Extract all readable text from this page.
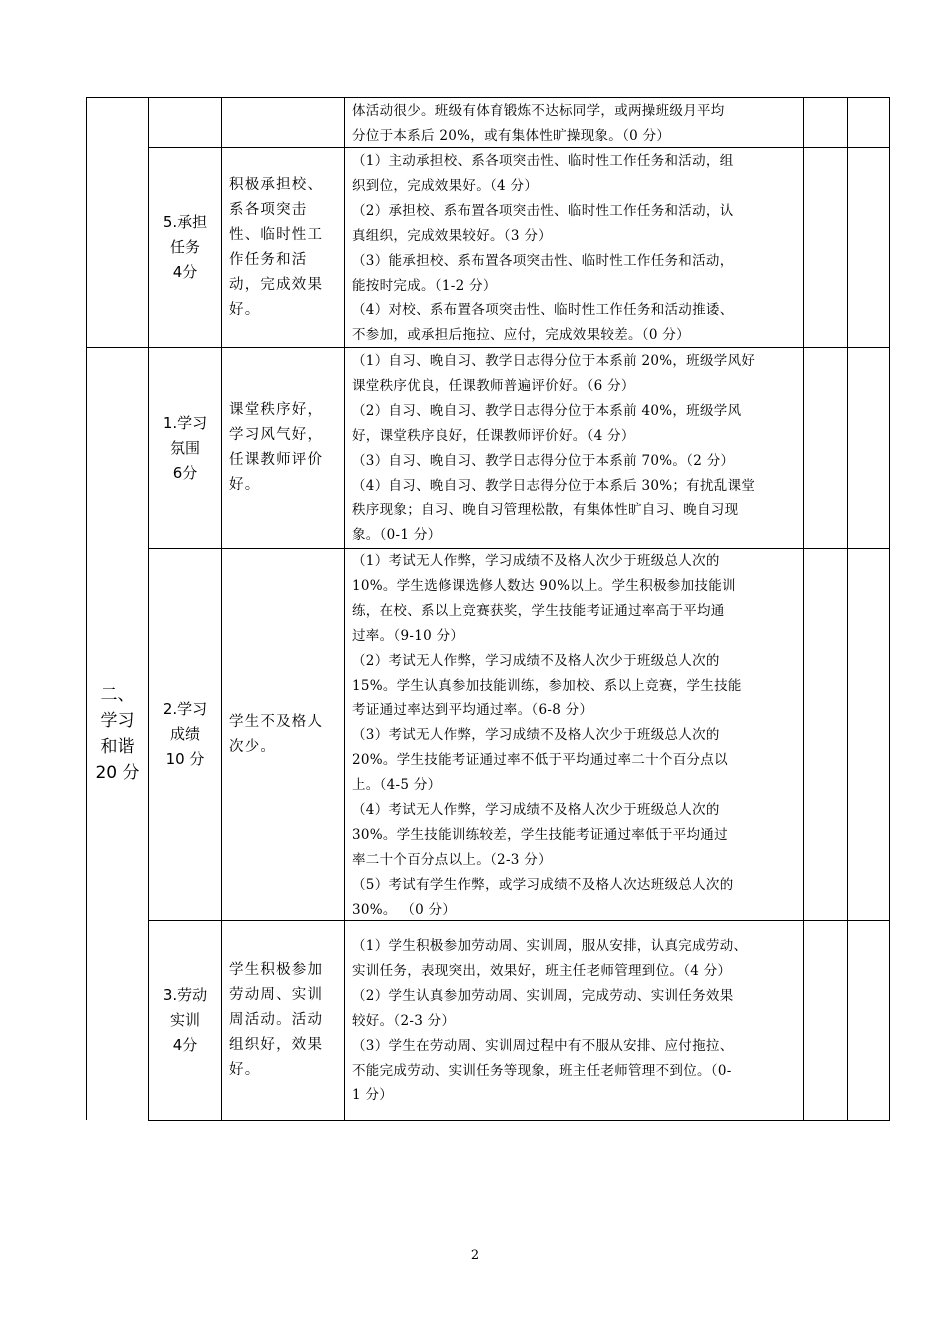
体活动很少。班级有体育锻炼不达标同学，或两操班级月平均
分位于本系后 20%，或有集体性旷操现象。（0 分）
5.承担
任务
4分
积极承担校、
系各项突击
性、临时性工
作任务和活
动，完成效果
好。
（1）主动承担校、系各项突击性、临时性工作任务和活动，组
织到位，完成效果好。（4 分）
（2）承担校、系布置各项突击性、临时性工作任务和活动，认
真组织，完成效果较好。（3 分）
（3）能承担校、系布置各项突击性、临时性工作任务和活动，
能按时完成。（1-2 分）
（4）对校、系布置各项突击性、临时性工作任务和活动推诿、
不参加，或承担后拖拉、应付，完成效果较差。（0 分）
二、
学习
和谐
20 分
1.学习
氛围
6分
课堂秩序好，
学习风气好，
任课教师评价
好。
（1）自习、晚自习、教学日志得分位于本系前 20%，班级学风好
课堂秩序优良，任课教师普遍评价好。（6 分）
（2）自习、晚自习、教学日志得分位于本系前 40%，班级学风
好，课堂秩序良好，任课教师评价好。（4 分）
（3）自习、晚自习、教学日志得分位于本系前 70%。（2 分）
（4）自习、晚自习、教学日志得分位于本系后 30%；有扰乱课堂
秩序现象；自习、晚自习管理松散，有集体性旷自习、晚自习现
象。（0-1 分）
2.学习
成绩
10 分
学生不及格人
次少。
（1）考试无人作弊，学习成绩不及格人次少于班级总人次的
10%。学生选修课选修人数达 90%以上。学生积极参加技能训
练，在校、系以上竞赛获奖，学生技能考证通过率高于平均通
过率。（9-10 分）
（2）考试无人作弊，学习成绩不及格人次少于班级总人次的
15%。学生认真参加技能训练，参加校、系以上竞赛，学生技能
考证通过率达到平均通过率。（6-8 分）
（3）考试无人作弊，学习成绩不及格人次少于班级总人次的
20%。学生技能考证通过率不低于平均通过率二十个百分点以
上。（4-5 分）
（4）考试无人作弊，学习成绩不及格人次少于班级总人次的
30%。学生技能训练较差，学生技能考证通过率低于平均通过
率二十个百分点以上。（2-3 分）
（5）考试有学生作弊，或学习成绩不及格人次达班级总人次的
30%。 （0 分）
3.劳动
实训
4分
学生积极参加
劳动周、实训
周活动。活动
组织好，效果
好。
（1）学生积极参加劳动周、实训周，服从安排，认真完成劳动、
实训任务，表现突出，效果好，班主任老师管理到位。（4 分）
（2）学生认真参加劳动周、实训周，完成劳动、实训任务效果
较好。（2-3 分）
（3）学生在劳动周、实训周过程中有不服从安排、应付拖拉、
不能完成劳动、实训任务等现象，班主任老师管理不到位。（0-
1 分）
2
